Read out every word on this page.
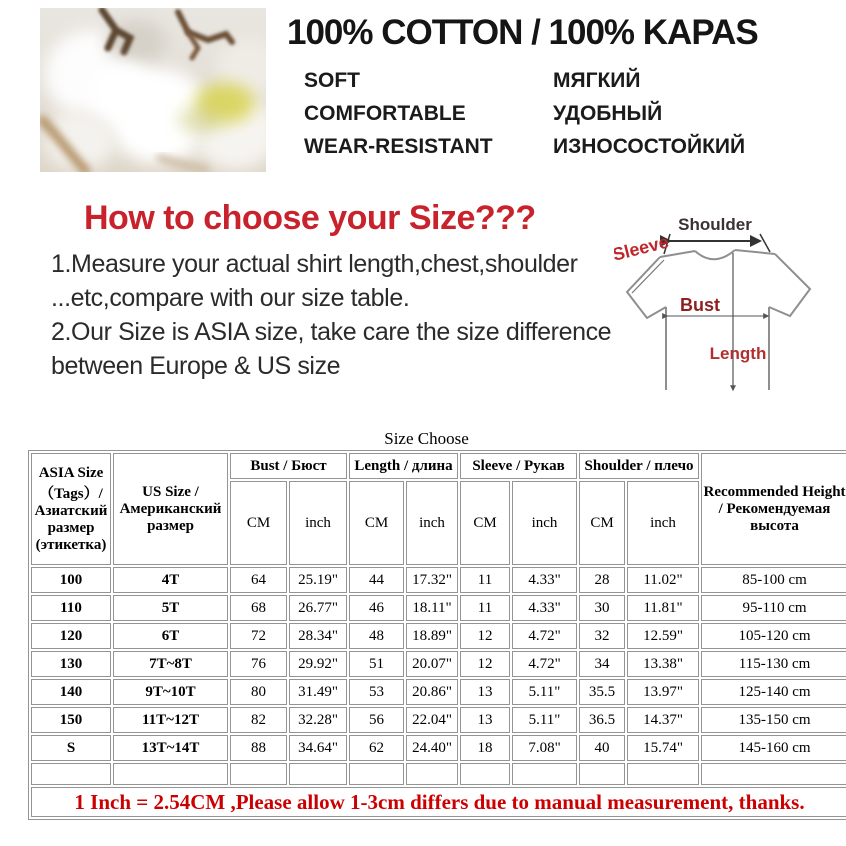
100% COTTON / 100% KAPAS
SOFT
COMFORTABLE
WEAR-RESISTANT
МЯГКИЙ
УДОБНЫЙ
ИЗНОСОСТОЙКИЙ
How to choose your Size???
1.Measure your actual shirt length,chest,shoulder
...etc,compare with our size table.
2.Our Size is ASIA size, take care the size difference
between Europe & US size
Shoulder
Sleeve
Bust
Length
Size Choose
ASIA Size （Tags）/Азиатский размер (этикетка)	US Size / Американский размер	Bust / Бюст		Length / длина		Sleeve / Рукав		Shoulder / плечо		Recommended Height / Рекомендуемая высота
		CM	inch	CM	inch	CM	inch	CM	inch	
100	4T	64	25.19"	44	17.32"	11	4.33"	28	11.02"	85-100 cm
110	5T	68	26.77"	46	18.11"	11	4.33"	30	11.81"	95-110 cm
120	6T	72	28.34"	48	18.89"	12	4.72"	32	12.59"	105-120 cm
130	7T~8T	76	29.92"	51	20.07"	12	4.72"	34	13.38"	115-130 cm
140	9T~10T	80	31.49"	53	20.86"	13	5.11"	35.5	13.97"	125-140 cm
150	11T~12T	82	32.28"	56	22.04"	13	5.11"	36.5	14.37"	135-150 cm
S	13T~14T	88	34.64"	62	24.40"	18	7.08"	40	15.74"	145-160 cm

1 Inch = 2.54CM ,Please allow 1-3cm differs due to manual measurement, thanks.										
